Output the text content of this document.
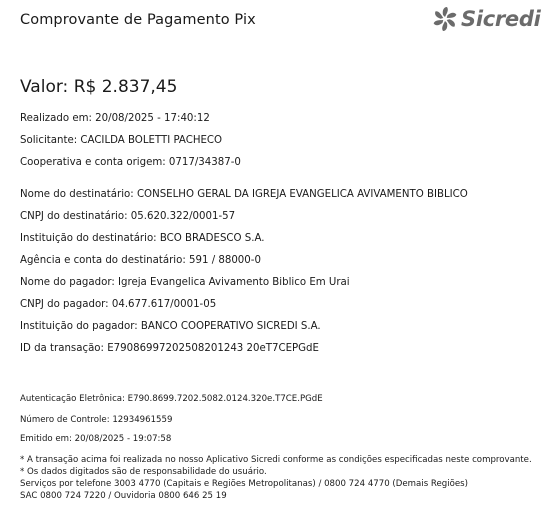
Comprovante de Pagamento Pix	Sicredi
Valor: R$ 2.837,45
Realizado em: 20/08/2025 - 17:40:12
Solicitante: CACILDA BOLETTI PACHECO
Cooperativa e conta origem: 0717/34387-0
Nome do destinatário: CONSELHO GERAL DA IGREJA EVANGELICA AVIVAMENTO BIBLICO
CNPJ do destinatário: 05.620.322/0001-57
Instituição do destinatário: BCO BRADESCO S.A.
Agência e conta do destinatário: 591 / 88000-0
Nome do pagador: Igreja Evangelica Avivamento Biblico Em Urai
CNPJ do pagador: 04.677.617/0001-05
Instituição do pagador: BANCO COOPERATIVO SICREDI S.A.
ID da transação: E79086997202508201243 20eT7CEPGdE
Autenticação Eletrônica: E790.8699.7202.5082.0124.320e.T7CE.PGdE
Número de Controle: 12934961559
Emitido em: 20/08/2025 - 19:07:58
* A transação acima foi realizada no nosso Aplicativo Sicredi conforme as condições especificadas neste comprovante.
* Os dados digitados são de responsabilidade do usuário.
Serviços por telefone 3003 4770 (Capitais e Regiões Metropolitanas) / 0800 724 4770 (Demais Regiões)
SAC 0800 724 7220 / Ouvidoria 0800 646 25 19
